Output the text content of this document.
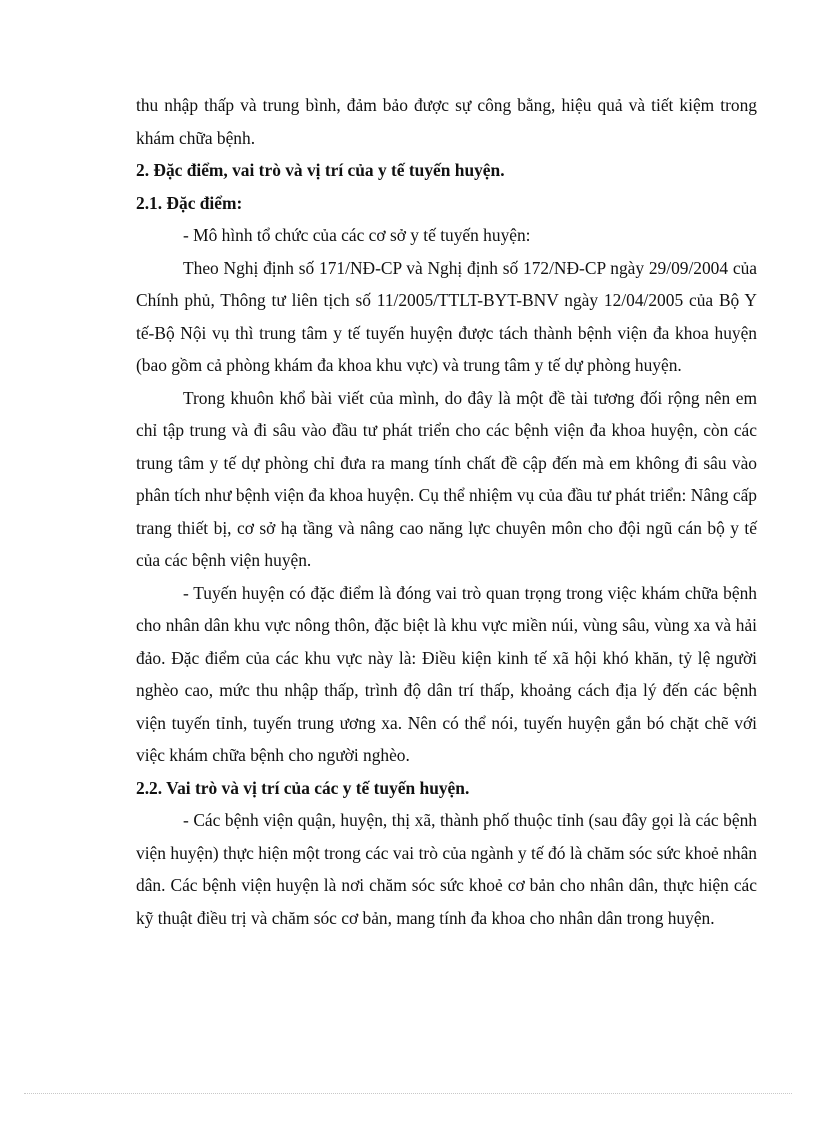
thu nhập thấp và trung bình, đảm bảo được sự công bằng, hiệu quả và tiết kiệm trong khám chữa bệnh.

2. Đặc điểm, vai trò và vị trí của y tế tuyến huyện.

2.1. Đặc điểm:

- Mô hình tổ chức của các cơ sở y tế tuyến huyện:

Theo Nghị định số 171/NĐ-CP và Nghị định số 172/NĐ-CP ngày 29/09/2004 của Chính phủ, Thông tư liên tịch số 11/2005/TTLT-BYT-BNV ngày 12/04/2005 của Bộ Y tế-Bộ Nội vụ thì trung tâm y tế tuyến huyện được tách thành bệnh viện đa khoa huyện (bao gồm cả phòng khám đa khoa khu vực) và trung tâm y tế dự phòng huyện.

Trong khuôn khổ bài viết của mình, do đây là một đề tài tương đối rộng nên em chỉ tập trung và đi sâu vào đầu tư phát triển cho các bệnh viện đa khoa huyện, còn các trung tâm y tế dự phòng chỉ đưa ra mang tính chất đề cập đến mà em không đi sâu vào phân tích như bệnh viện đa khoa huyện. Cụ thể nhiệm vụ của đầu tư phát triển: Nâng cấp trang thiết bị, cơ sở hạ tầng và nâng cao năng lực chuyên môn cho đội ngũ cán bộ y tế của các bệnh viện huyện.

- Tuyến huyện có đặc điểm là đóng vai trò quan trọng trong việc khám chữa bệnh cho nhân dân khu vực nông thôn, đặc biệt là khu vực miền núi, vùng sâu, vùng xa và hải đảo. Đặc điểm của các khu vực này là: Điều kiện kinh tế xã hội khó khăn, tỷ lệ người nghèo cao, mức thu nhập thấp, trình độ dân trí thấp, khoảng cách địa lý đến các bệnh viện tuyến tỉnh, tuyến trung ương xa. Nên có thể nói, tuyến huyện gắn bó chặt chẽ với việc khám chữa bệnh cho người nghèo.

2.2. Vai trò và vị trí của các y tế tuyến huyện.

- Các bệnh viện quận, huyện, thị xã, thành phố thuộc tỉnh (sau đây gọi là các bệnh viện huyện) thực hiện một trong các vai trò của ngành y tế đó là chăm sóc sức khoẻ nhân dân. Các bệnh viện huyện là nơi chăm sóc sức khoẻ cơ bản cho nhân dân, thực hiện các kỹ thuật điều trị và chăm sóc cơ bản, mang tính đa khoa cho nhân dân trong huyện.
